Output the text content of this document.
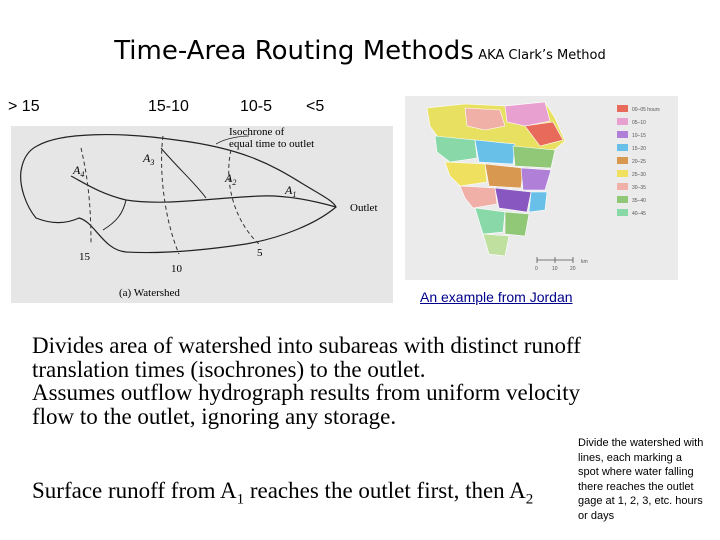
Time-Area Routing Methods AKA Clark’s Method
> 15	15-10	10-5 <5
Isochrone of
equal time to outlet
$A_4$
$A_3$
$A_2$
$A_1$
Outlet
15
10
5
(a) Watershed
00–05 hours
05–10
10–15
15–20
20–25
25–30
30–35
35–40
40–45
0	10 20
km
An example from Jordan
Divides area of watershed into subareas with distinct runoff
translation times (isochrones) to the outlet.
Assumes outflow hydrograph results from uniform velocity
flow to the outlet, ignoring any storage.
Surface runoff from $A_1$ reaches the outlet first, then $A_2$
Divide the watershed with
lines, each marking a
spot where water falling
there reaches the outlet
gage at 1, 2, 3, etc. hours
or days
